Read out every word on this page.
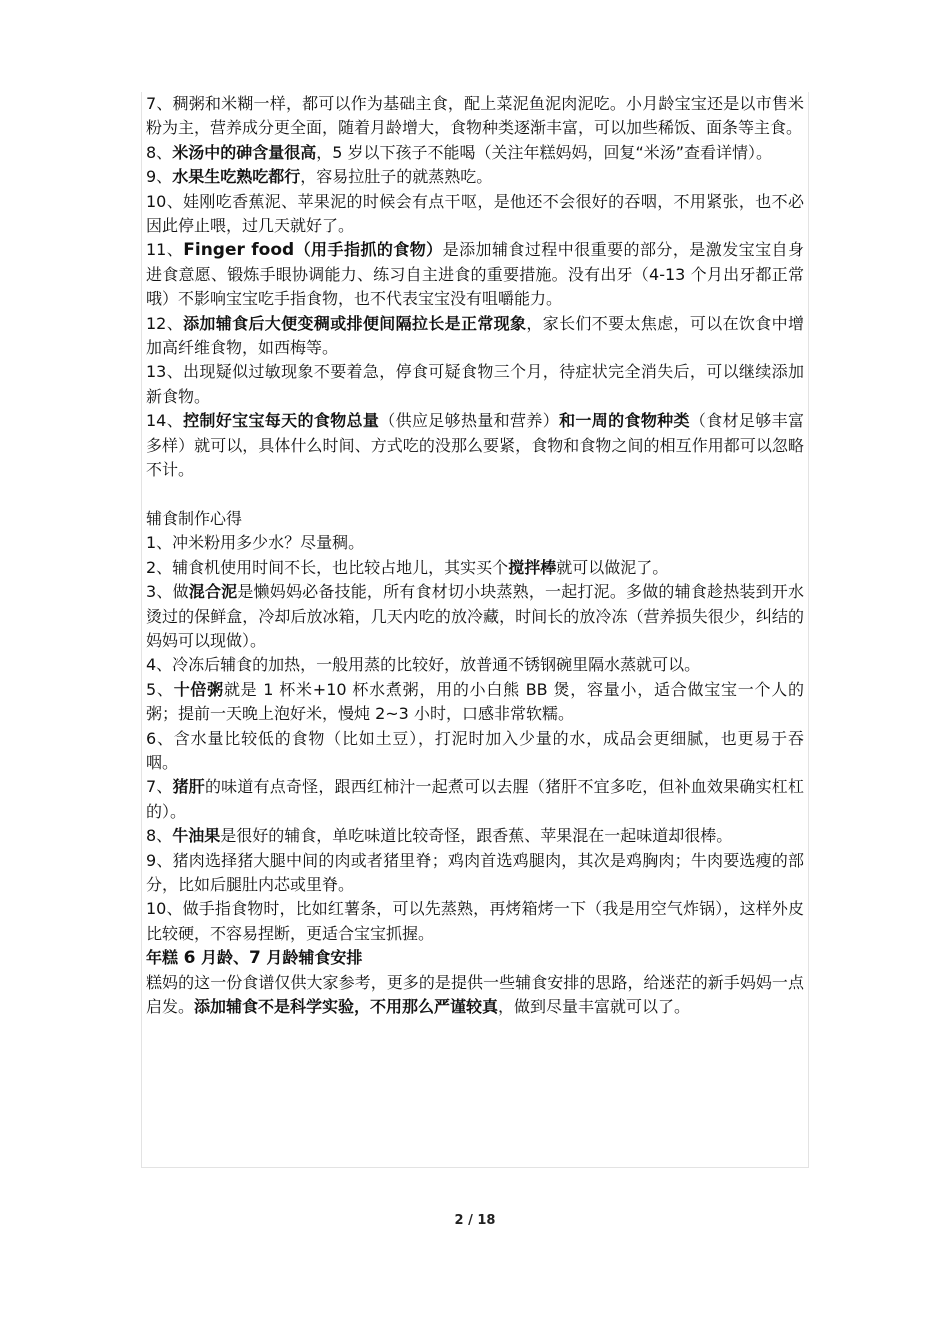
7、稠粥和米糊一样，都可以作为基础主食，配上菜泥鱼泥肉泥吃。小月龄宝宝还是以市售米粉为主，营养成分更全面，随着月龄增大，食物种类逐渐丰富，可以加些稀饭、面条等主食。

8、米汤中的砷含量很高，5 岁以下孩子不能喝（关注年糕妈妈，回复“米汤”查看详情）。

9、水果生吃熟吃都行，容易拉肚子的就蒸熟吃。

10、娃刚吃香蕉泥、苹果泥的时候会有点干呕，是他还不会很好的吞咽，不用紧张，也不必因此停止喂，过几天就好了。

11、Finger food（用手指抓的食物）是添加辅食过程中很重要的部分，是激发宝宝自身进食意愿、锻炼手眼协调能力、练习自主进食的重要措施。没有出牙（4-13 个月出牙都正常哦）不影响宝宝吃手指食物，也不代表宝宝没有咀嚼能力。

12、添加辅食后大便变稠或排便间隔拉长是正常现象，家长们不要太焦虑，可以在饮食中增加高纤维食物，如西梅等。

13、出现疑似过敏现象不要着急，停食可疑食物三个月，待症状完全消失后，可以继续添加新食物。

14、控制好宝宝每天的食物总量（供应足够热量和营养）和一周的食物种类（食材足够丰富多样）就可以，具体什么时间、方式吃的没那么要紧，食物和食物之间的相互作用都可以忽略不计。

辅食制作心得

1、冲米粉用多少水？尽量稠。

2、辅食机使用时间不长，也比较占地儿，其实买个搅拌棒就可以做泥了。

3、做混合泥是懒妈妈必备技能，所有食材切小块蒸熟，一起打泥。多做的辅食趁热装到开水烫过的保鲜盒，冷却后放冰箱，几天内吃的放冷藏，时间长的放冷冻（营养损失很少，纠结的妈妈可以现做）。

4、冷冻后辅食的加热，一般用蒸的比较好，放普通不锈钢碗里隔水蒸就可以。

5、十倍粥就是 1 杯米+10 杯水煮粥，用的小白熊 BB 煲，容量小，适合做宝宝一个人的粥；提前一天晚上泡好米，慢炖 2~3 小时，口感非常软糯。

6、含水量比较低的食物（比如土豆），打泥时加入少量的水，成品会更细腻，也更易于吞咽。

7、猪肝的味道有点奇怪，跟西红柿汁一起煮可以去腥（猪肝不宜多吃，但补血效果确实杠杠的）。

8、牛油果是很好的辅食，单吃味道比较奇怪，跟香蕉、苹果混在一起味道却很棒。

9、猪肉选择猪大腿中间的肉或者猪里脊；鸡肉首选鸡腿肉，其次是鸡胸肉；牛肉要选瘦的部分，比如后腿肚内芯或里脊。

10、做手指食物时，比如红薯条，可以先蒸熟，再烤箱烤一下（我是用空气炸锅），这样外皮比较硬，不容易捏断，更适合宝宝抓握。

年糕 6 月龄、7 月龄辅食安排

糕妈的这一份食谱仅供大家参考，更多的是提供一些辅食安排的思路，给迷茫的新手妈妈一点启发。添加辅食不是科学实验，不用那么严谨较真，做到尽量丰富就可以了。

2 / 18
